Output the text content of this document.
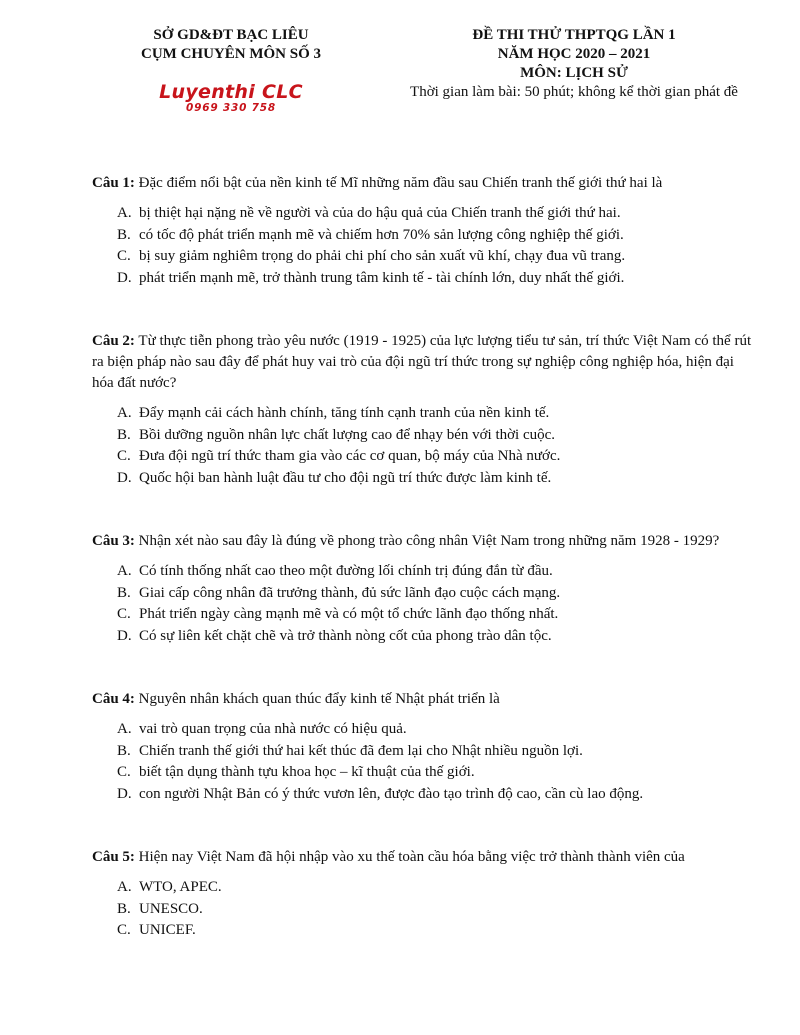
SỞ GD&ĐT BẠC LIÊU
CỤM CHUYÊN MÔN SỐ 3
Luyenthi CLC
0969 330 758
ĐỀ THI THỬ THPTQG LẦN 1
NĂM HỌC 2020 – 2021
MÔN: LỊCH SỬ
Thời gian làm bài: 50 phút; không kể thời gian phát đề

Câu 1: Đặc điểm nổi bật của nền kinh tế Mĩ những năm đầu sau Chiến tranh thế giới thứ hai là

A. bị thiệt hại nặng nề về người và của do hậu quả của Chiến tranh thế giới thứ hai.
B. có tốc độ phát triển mạnh mẽ và chiếm hơn 70% sản lượng công nghiệp thế giới.
C. bị suy giảm nghiêm trọng do phải chi phí cho sản xuất vũ khí, chạy đua vũ trang.
D. phát triển mạnh mẽ, trở thành trung tâm kinh tế - tài chính lớn, duy nhất thế giới.

Câu 2: Từ thực tiễn phong trào yêu nước (1919 - 1925) của lực lượng tiểu tư sản, trí thức Việt Nam có thể rút ra biện pháp nào sau đây để phát huy vai trò của đội ngũ trí thức trong sự nghiệp công nghiệp hóa, hiện đại hóa đất nước?

A. Đẩy mạnh cải cách hành chính, tăng tính cạnh tranh của nền kinh tế.
B. Bồi dưỡng nguồn nhân lực chất lượng cao để nhạy bén với thời cuộc.
C. Đưa đội ngũ trí thức tham gia vào các cơ quan, bộ máy của Nhà nước.
D. Quốc hội ban hành luật đầu tư cho đội ngũ trí thức được làm kinh tế.

Câu 3: Nhận xét nào sau đây là đúng về phong trào công nhân Việt Nam trong những năm 1928 - 1929?

A. Có tính thống nhất cao theo một đường lối chính trị đúng đắn từ đầu.
B. Giai cấp công nhân đã trưởng thành, đủ sức lãnh đạo cuộc cách mạng.
C. Phát triển ngày càng mạnh mẽ và có một tổ chức lãnh đạo thống nhất.
D. Có sự liên kết chặt chẽ và trở thành nòng cốt của phong trào dân tộc.

Câu 4: Nguyên nhân khách quan thúc đẩy kinh tế Nhật phát triển là

A. vai trò quan trọng của nhà nước có hiệu quả.
B. Chiến tranh thế giới thứ hai kết thúc đã đem lại cho Nhật nhiều nguồn lợi.
C. biết tận dụng thành tựu khoa học – kĩ thuật của thế giới.
D. con người Nhật Bản có ý thức vươn lên, được đào tạo trình độ cao, cần cù lao động.

Câu 5: Hiện nay Việt Nam đã hội nhập vào xu thế toàn cầu hóa bằng việc trở thành thành viên của

A. WTO, APEC.
B. UNESCO.
C. UNICEF.
